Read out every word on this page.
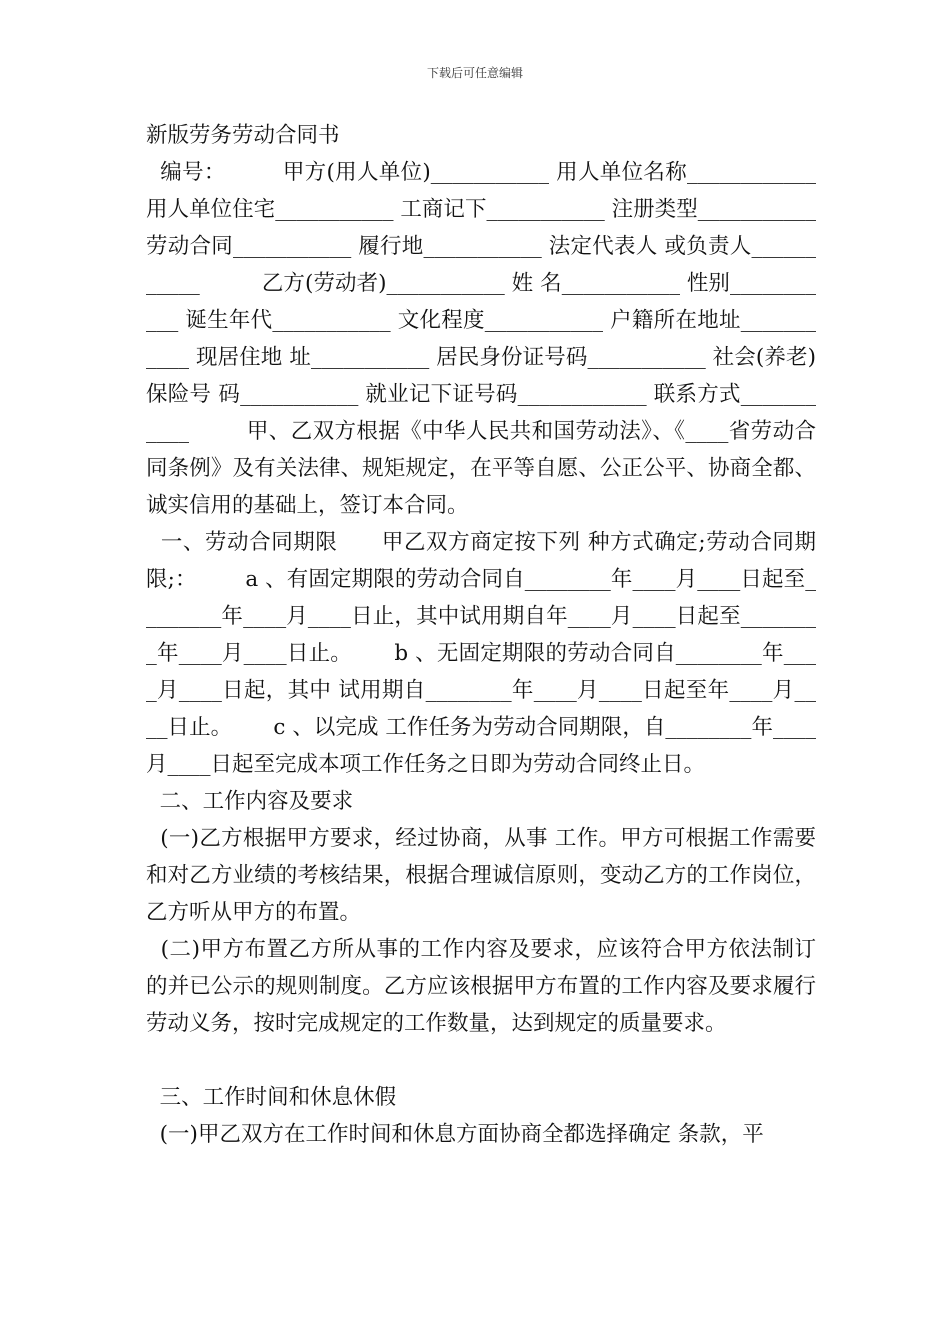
下载后可任意编辑
新版劳务劳动合同书

编号：        甲方(用人单位)___________ 用人单位名称____________ 用人单位住宅___________ 工商记下___________ 注册类型___________ 劳动合同___________ 履行地___________ 法定代表人 或负责人___________         乙方(劳动者)___________ 姓 名___________ 性别___________ 诞生年代___________ 文化程度___________ 户籍所在地址___________ 现居住地 址___________ 居民身份证号码___________ 社会(养老)保险号 码___________ 就业记下证号码____________ 联系方式___________        甲、乙双方根据《中华人民共和国劳动法》、《____省劳动合同条例》及有关法律、规矩规定，在平等自愿、公正公平、协商全都、诚实信用的基础上，签订本合同。

一、劳动合同期限      甲乙双方商定按下列 种方式确定;劳动合同期限;：       a 、有固定期限的劳动合同自________年____月____日起至________年____月____日止，其中试用期自年____月____日起至________年____月____日止。      b 、无固定期限的劳动合同自________年____月____日起，其中 试用期自________年____月____日起至年____月____日止。      c 、以完成 工作任务为劳动合同期限，自________年____月____日起至完成本项工作任务之日即为劳动合同终止日。

二、工作内容及要求

(一)乙方根据甲方要求，经过协商，从事 工作。甲方可根据工作需要和对乙方业绩的考核结果，根据合理诚信原则，变动乙方的工作岗位，乙方听从甲方的布置。

(二)甲方布置乙方所从事的工作内容及要求，应该符合甲方依法制订的并已公示的规则制度。乙方应该根据甲方布置的工作内容及要求履行劳动义务，按时完成规定的工作数量，达到规定的质量要求。

三、工作时间和休息休假

(一)甲乙双方在工作时间和休息方面协商全都选择确定 条款，平
